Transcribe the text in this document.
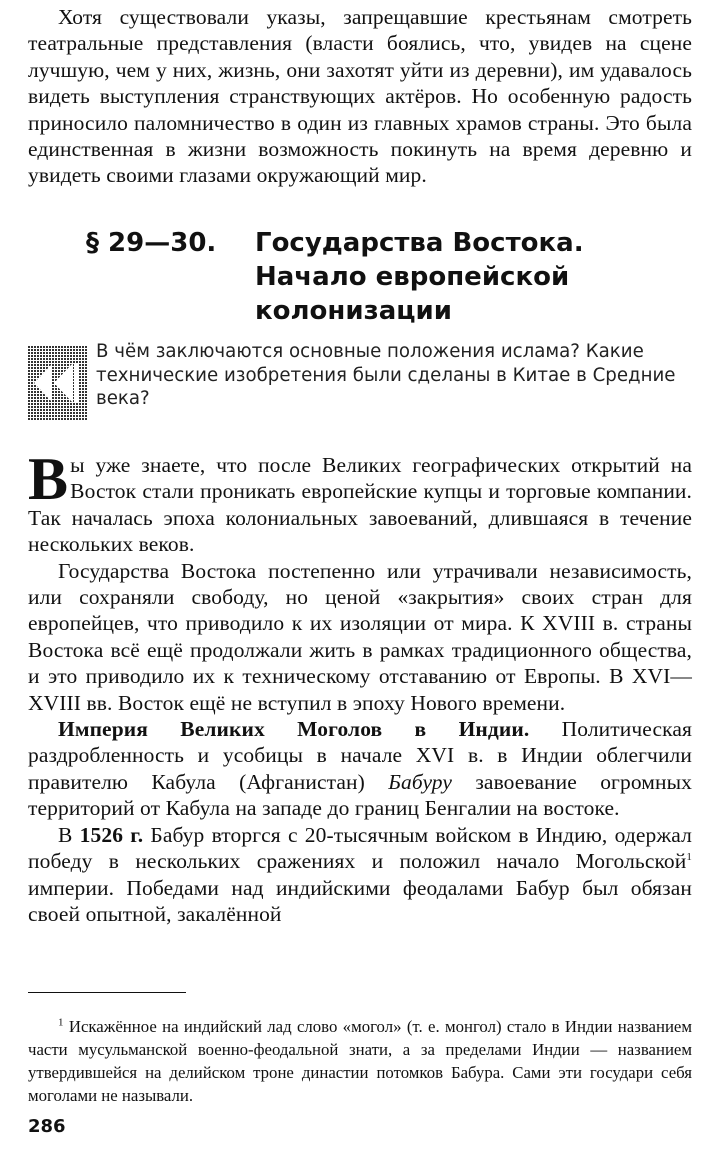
Хотя существовали указы, запрещавшие крестьянам смотреть театральные представления (власти боялись, что, увидев на сцене лучшую, чем у них, жизнь, они захотят уйти из деревни), им удавалось видеть выступления странствующих актёров. Но особенную радость приносило паломничество в один из главных храмов страны. Это была единственная в жизни возможность покинуть на время деревню и увидеть своими глазами окружающий мир.

§ 29—30.	Государства Востока.
Начало европейской
колонизации
В чём заключаются основные положения ислама? Какие технические изобретения были сделаны в Китае в Средние века?

Вы уже знаете, что после Великих географических открытий на Восток стали проникать европейские купцы и торговые компании. Так началась эпоха колониальных завоеваний, длившаяся в течение нескольких веков.

Государства Востока постепенно или утрачивали независимость, или сохраняли свободу, но ценой «закрытия» своих стран для европейцев, что приводило к их изоляции от мира. К XVIII в. страны Востока всё ещё продолжали жить в рамках традиционного общества, и это приводило их к техническому отставанию от Европы. В XVI—XVIII вв. Восток ещё не вступил в эпоху Нового времени.

Империя Великих Моголов в Индии. Политическая раздробленность и усобицы в начале XVI в. в Индии облегчили правителю Кабула (Афганистан) Бабуру завоевание огромных территорий от Кабула на западе до границ Бенгалии на востоке.

В 1526 г. Бабур вторгся с 20-тысячным войском в Индию, одержал победу в нескольких сражениях и положил начало Могольской$^1$ империи. Победами над индийскими феодалами Бабур был обязан своей опытной, закалённой

$^1$ Искажённое на индийский лад слово «могол» (т. е. монгол) стало в Индии названием части мусульманской военно-феодальной знати, а за пределами Индии — названием утвердившейся на делийском троне династии потомков Бабура. Сами эти государи себя моголами не называли.

286
